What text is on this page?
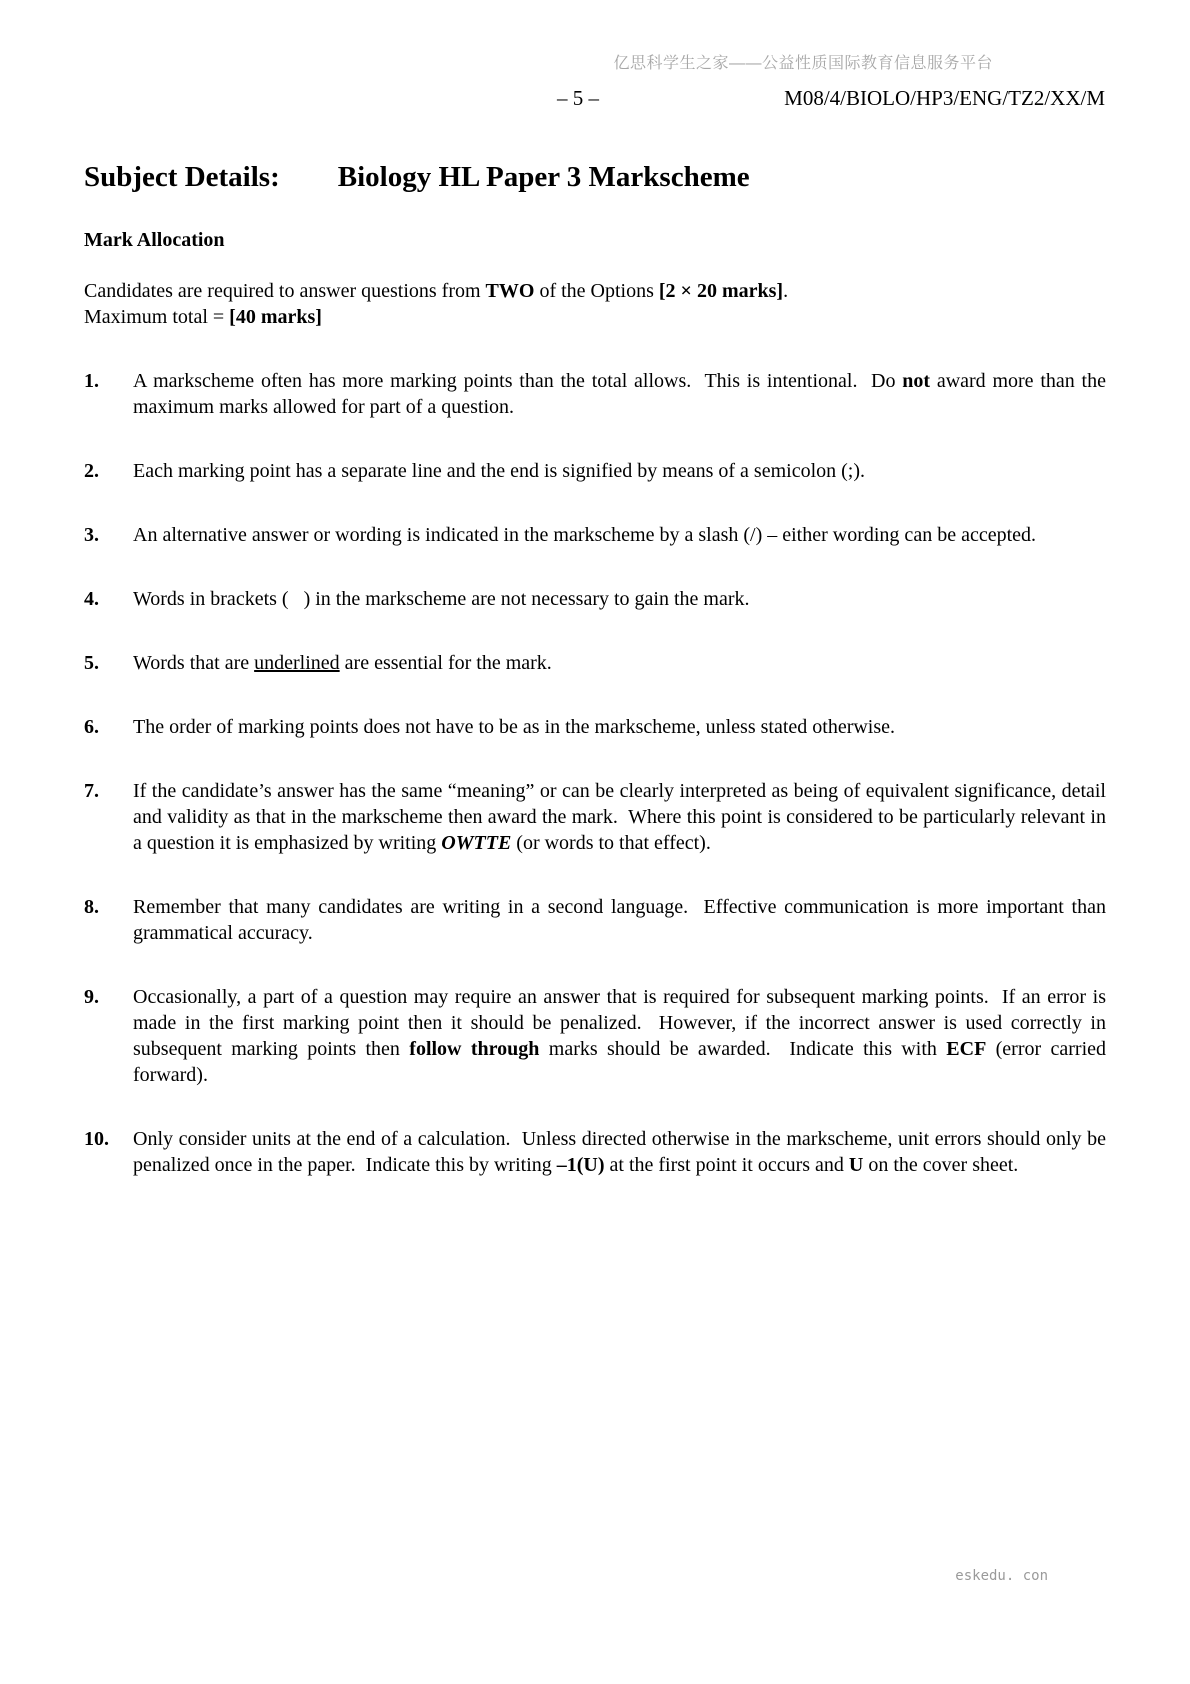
亿思科学生之家——公益性质国际教育信息服务平台
– 5 –	M08/4/BIOLO/HP3/ENG/TZ2/XX/M
Subject Details: Biology HL Paper 3 Markscheme
Mark Allocation
Candidates are required to answer questions from TWO of the Options [2 × 20 marks].
Maximum total = [40 marks]
1.	A markscheme often has more marking points than the total allows.  This is intentional.  Do not award more than the maximum marks allowed for part of a question.
2.	Each marking point has a separate line and the end is signified by means of a semicolon (;).
3.	An alternative answer or wording is indicated in the markscheme by a slash (/) – either wording can be accepted.
4.	Words in brackets (   ) in the markscheme are not necessary to gain the mark.
5.	Words that are underlined are essential for the mark.
6.	The order of marking points does not have to be as in the markscheme, unless stated otherwise.
7.	If the candidate’s answer has the same “meaning” or can be clearly interpreted as being of equivalent significance, detail and validity as that in the markscheme then award the mark.  Where this point is considered to be particularly relevant in a question it is emphasized by writing OWTTE (or words to that effect).
8.	Remember that many candidates are writing in a second language.  Effective communication is more important than grammatical accuracy.
9.	Occasionally, a part of a question may require an answer that is required for subsequent marking points.  If an error is made in the first marking point then it should be penalized.  However, if the incorrect answer is used correctly in subsequent marking points then follow through marks should be awarded.  Indicate this with ECF (error carried forward).
10.	Only consider units at the end of a calculation.  Unless directed otherwise in the markscheme, unit errors should only be penalized once in the paper.  Indicate this by writing –1(U) at the first point it occurs and U on the cover sheet.
eskedu. con
